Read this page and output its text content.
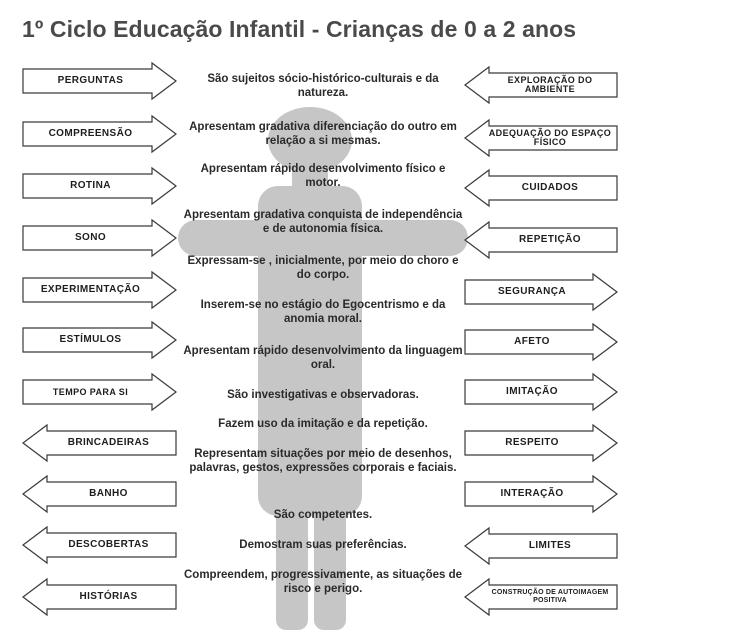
1º Ciclo Educação Infantil - Crianças de 0 a 2 anos
PERGUNTAS
COMPREENSÃO
ROTINA
SONO
EXPERIMENTAÇÃO
ESTÍMULOS
TEMPO PARA SI
BRINCADEIRAS
BANHO
DESCOBERTAS
HISTÓRIAS
EXPLORAÇÃO DO AMBIENTE
ADEQUAÇÃO DO ESPAÇO FÍSICO
CUIDADOS
REPETIÇÃO
SEGURANÇA
AFETO
IMITAÇÃO
RESPEITO
INTERAÇÃO
LIMITES
CONSTRUÇÃO DE AUTOIMAGEM POSITIVA
São sujeitos sócio-histórico-culturais e da natureza.
Apresentam gradativa diferenciação do outro em relação a si mesmas.
Apresentam rápido desenvolvimento físico e motor.
Apresentam gradativa conquista de independência e de autonomia física.
Expressam-se , inicialmente, por meio do choro e do corpo.
Inserem-se no estágio do Egocentrismo e da anomia moral.
Apresentam rápido desenvolvimento da linguagem oral.
São investigativas e observadoras.
Fazem uso da imitação e da repetição.
Representam situações por meio de desenhos, palavras, gestos, expressões corporais e faciais.
São competentes.
Demostram suas preferências.
Compreendem, progressivamente, as situações de risco e perigo.
